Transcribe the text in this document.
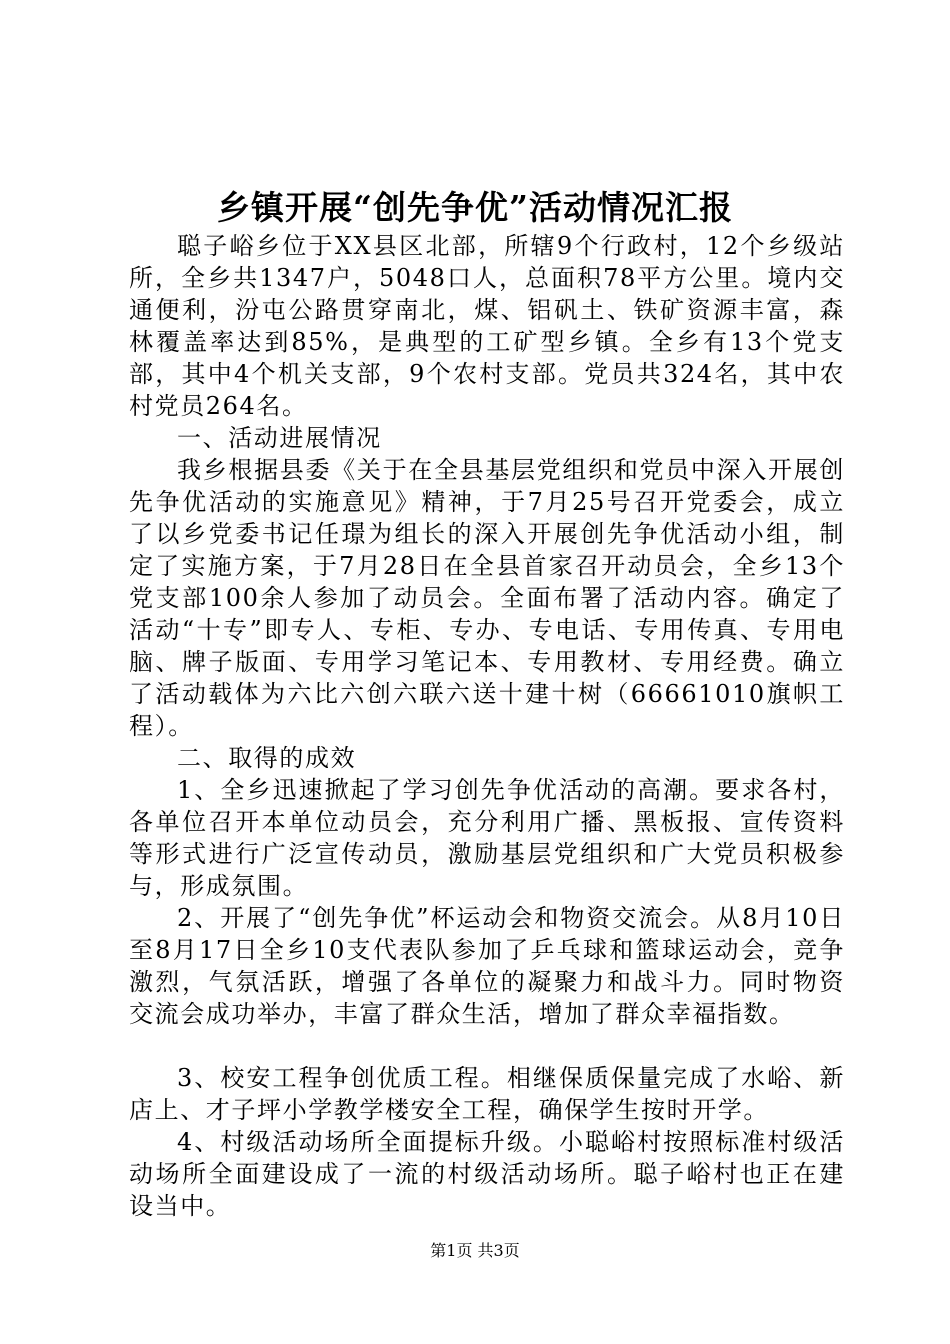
乡镇开展“创先争优”活动情况汇报

聪子峪乡位于XX县区北部，所辖9个行政村，12个乡级站所，全乡共1347户，5048口人，总面积78平方公里。境内交通便利，汾屯公路贯穿南北，煤、铝矾土、铁矿资源丰富，森林覆盖率达到85%，是典型的工矿型乡镇。全乡有13个党支部，其中4个机关支部，9个农村支部。党员共324名，其中农村党员264名。

一、活动进展情况

我乡根据县委《关于在全县基层党组织和党员中深入开展创先争优活动的实施意见》精神，于7月25号召开党委会，成立了以乡党委书记任璟为组长的深入开展创先争优活动小组，制定了实施方案，于7月28日在全县首家召开动员会，全乡13个党支部100余人参加了动员会。全面布署了活动内容。确定了活动“十专”即专人、专柜、专办、专电话、专用传真、专用电脑、牌子版面、专用学习笔记本、专用教材、专用经费。确立了活动载体为六比六创六联六送十建十树（66661010旗帜工程）。

二、取得的成效

1、全乡迅速掀起了学习创先争优活动的高潮。要求各村，各单位召开本单位动员会，充分利用广播、黑板报、宣传资料等形式进行广泛宣传动员，激励基层党组织和广大党员积极参与，形成氛围。

2、开展了“创先争优”杯运动会和物资交流会。从8月10日至8月17日全乡10支代表队参加了乒乓球和篮球运动会，竞争激烈，气氛活跃，增强了各单位的凝聚力和战斗力。同时物资交流会成功举办，丰富了群众生活，增加了群众幸福指数。

3、校安工程争创优质工程。相继保质保量完成了水峪、新店上、才子坪小学教学楼安全工程，确保学生按时开学。

4、村级活动场所全面提标升级。小聪峪村按照标准村级活动场所全面建设成了一流的村级活动场所。聪子峪村也正在建设当中。

第1页 共3页
